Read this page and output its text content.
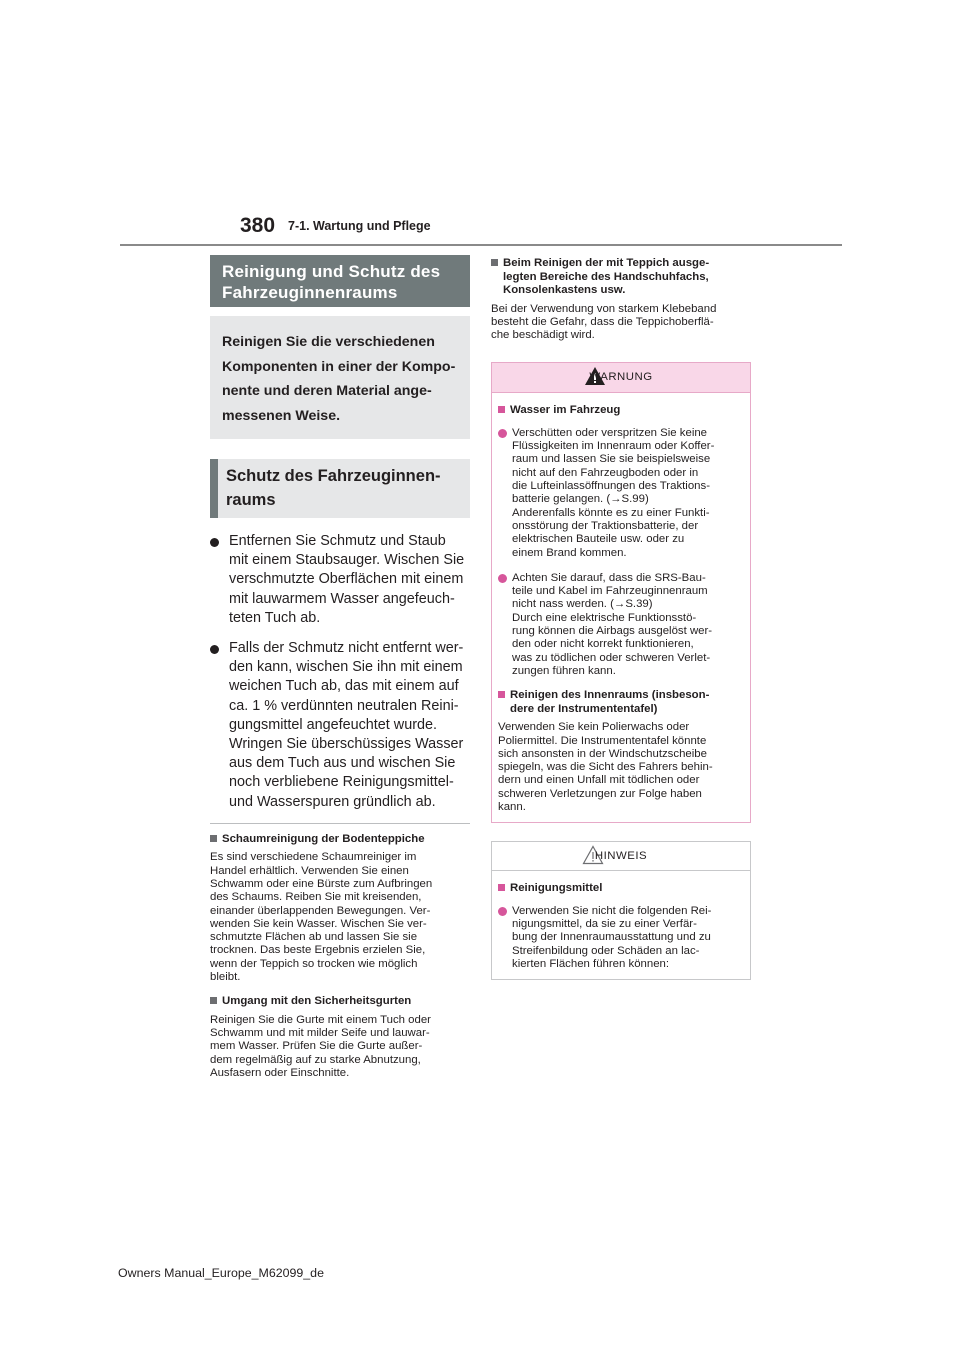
380 7-1. Wartung und Pflege
Reinigung und Schutz des
Fahrzeuginnenraums

Reinigen Sie die verschiedenen

Komponenten in einer der Kompo-

nente und deren Material ange-

messenen Weise.

Schutz des Fahrzeuginnen-
raums
Entfernen Sie Schmutz und Staub
mit einem Staubsauger. Wischen Sie
verschmutzte Oberflächen mit einem
mit lauwarmem Wasser angefeuch-
teten Tuch ab.
Falls der Schmutz nicht entfernt wer-
den kann, wischen Sie ihn mit einem
weichen Tuch ab, das mit einem auf
ca. 1 % verdünnten neutralen Reini-
gungsmittel angefeuchtet wurde.
Wringen Sie überschüssiges Wasser
aus dem Tuch aus und wischen Sie
noch verbliebene Reinigungsmittel-
und Wasserspuren gründlich ab.
Schaumreinigung der Bodenteppiche

Es sind verschiedene Schaumreiniger im
Handel erhältlich. Verwenden Sie einen
Schwamm oder eine Bürste zum Aufbringen
des Schaums. Reiben Sie mit kreisenden,
einander überlappenden Bewegungen. Ver-
wenden Sie kein Wasser. Wischen Sie ver-
schmutzte Flächen ab und lassen Sie sie
trocknen. Das beste Ergebnis erzielen Sie,
wenn der Teppich so trocken wie möglich
bleibt.

Umgang mit den Sicherheitsgurten

Reinigen Sie die Gurte mit einem Tuch oder
Schwamm und mit milder Seife und lauwar-
mem Wasser. Prüfen Sie die Gurte außer-
dem regelmäßig auf zu starke Abnutzung,
Ausfasern oder Einschnitte.

Beim Reinigen der mit Teppich ausge-
legten Bereiche des Handschuhfachs,
Konsolenkastens usw.

Bei der Verwendung von starkem Klebeband
besteht die Gefahr, dass die Teppichoberflä-
che beschädigt wird.

WARNUNG
Wasser im Fahrzeug
Verschütten oder verspritzen Sie keine
Flüssigkeiten im Innenraum oder Koffer-
raum und lassen Sie sie beispielsweise
nicht auf den Fahrzeugboden oder in
die Lufteinlassöffnungen des Traktions-
batterie gelangen. (→S.99)
Anderenfalls könnte es zu einer Funkti-
onsstörung der Traktionsbatterie, der
elektrischen Bauteile usw. oder zu
einem Brand kommen.
Achten Sie darauf, dass die SRS-Bau-
teile und Kabel im Fahrzeuginnenraum
nicht nass werden. (→S.39)
Durch eine elektrische Funktionsstö-
rung können die Airbags ausgelöst wer-
den oder nicht korrekt funktionieren,
was zu tödlichen oder schweren Verlet-
zungen führen kann.
Reinigen des Innenraums (insbeson-
dere der Instrumententafel)

Verwenden Sie kein Polierwachs oder
Poliermittel. Die Instrumententafel könnte
sich ansonsten in der Windschutzscheibe
spiegeln, was die Sicht des Fahrers behin-
dern und einen Unfall mit tödlichen oder
schweren Verletzungen zur Folge haben
kann.

HINWEIS
Reinigungsmittel
Verwenden Sie nicht die folgenden Rei-
nigungsmittel, da sie zu einer Verfär-
bung der Innenraumausstattung und zu
Streifenbildung oder Schäden an lac-
kierten Flächen führen können:
Owners Manual_Europe_M62099_de
